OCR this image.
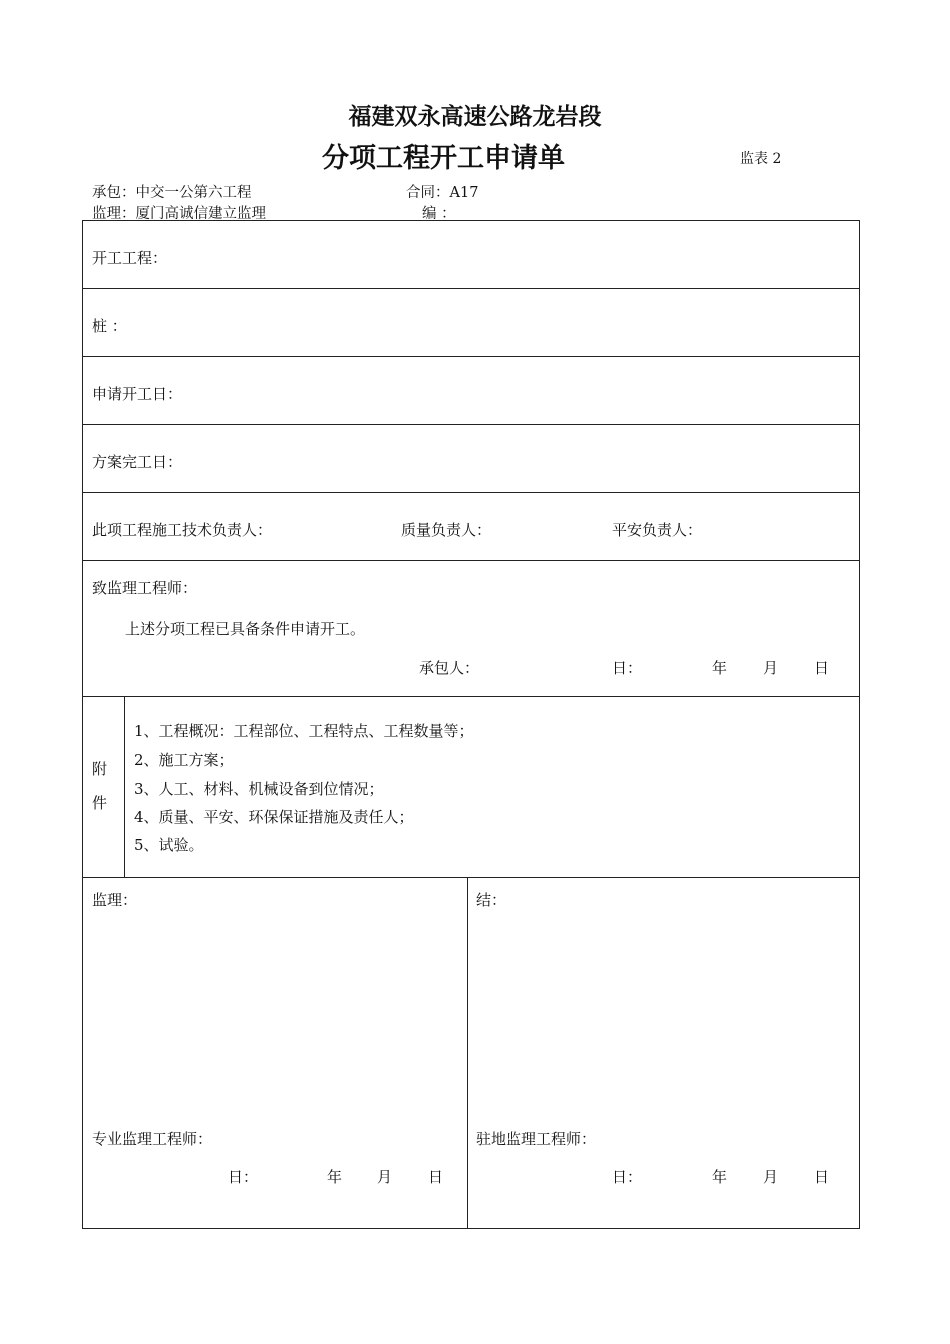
福建双永高速公路龙岩段
分项工程开工申请单	监表 2
承包：中交一公第六工程	合同：A17
监理：厦门高诚信建立监理	编 ：
开工工程：
桩 ：
申请开工日：
方案完工日：
此项工程施工技术负责人：	质量负责人：	平安负责人：
致监理工程师：
上述分项工程已具备条件申请开工。
承包人：	日：	年 月 日
附
件
1、工程概况：工程部位、工程特点、工程数量等；
2、施工方案；
3、人工、材料、机械设备到位情况；
4、质量、平安、环保保证措施及责任人；
5、试验。
监理：
专业监理工程师：
日：	年 月 日
结：
驻地监理工程师：
日：	年 月 日
